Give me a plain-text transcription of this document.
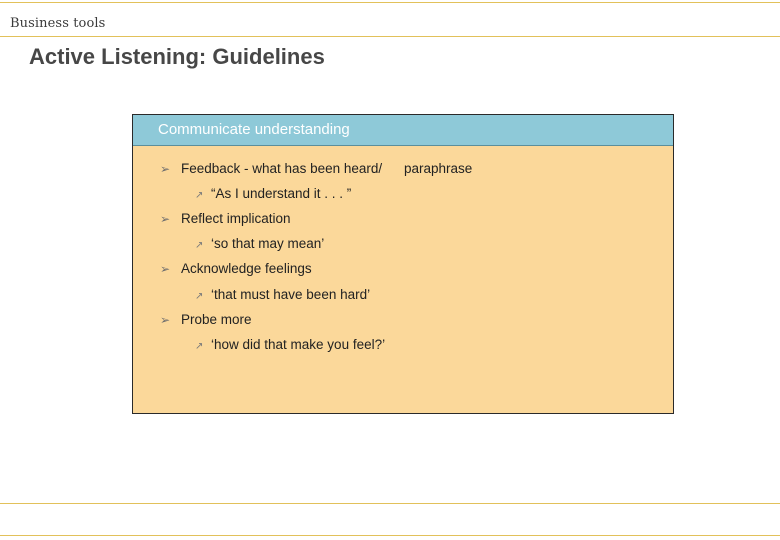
Business tools
Active Listening: Guidelines
Communicate understanding
➢ Feedback - what has been heard/ paraphrase
↗ “As I understand it . . . ”
➢ Reflect implication
↗ ‘so that may mean’
➢ Acknowledge feelings
↗ ‘that must have been hard’
➢ Probe more
↗ ‘how did that make you feel?’
